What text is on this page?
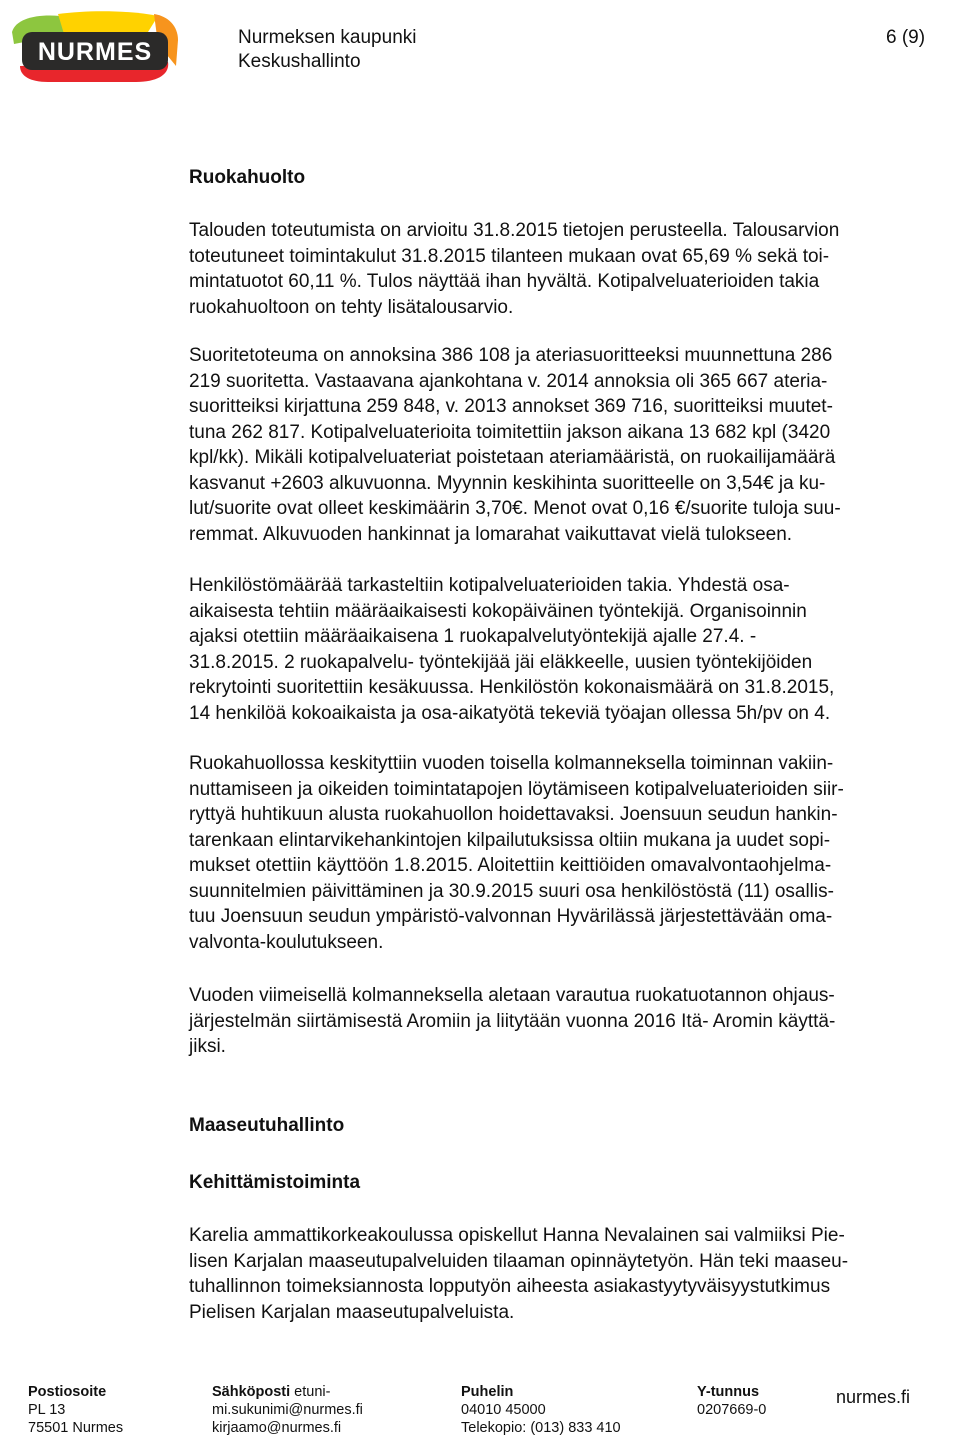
NURMES
Nurmeksen kaupunki
Keskushallinto
6 (9)
Ruokahuolto
Talouden toteutumista on arvioitu 31.8.2015 tietojen perusteella. Talousarvion
toteutuneet toimintakulut 31.8.2015 tilanteen mukaan ovat 65,69 % sekä toi-
mintatuotot 60,11 %. Tulos näyttää ihan hyvältä. Kotipalveluaterioiden takia
ruokahuoltoon on tehty lisätalousarvio.
Suoritetoteuma on annoksina 386 108 ja ateriasuoritteeksi muunnettuna 286
219 suoritetta. Vastaavana ajankohtana v. 2014 annoksia oli 365 667 ateria-
suoritteiksi kirjattuna 259 848, v. 2013 annokset 369 716, suoritteiksi muutet-
tuna 262 817. Kotipalveluaterioita toimitettiin jakson aikana 13 682 kpl (3420
kpl/kk). Mikäli kotipalveluateriat poistetaan ateriamääristä, on ruokailijamäärä
kasvanut +2603 alkuvuonna. Myynnin keskihinta suoritteelle on 3,54€ ja ku-
lut/suorite ovat olleet keskimäärin 3,70€. Menot ovat 0,16 €/suorite tuloja suu-
remmat. Alkuvuoden hankinnat ja lomarahat vaikuttavat vielä tulokseen.
Henkilöstömäärää tarkasteltiin kotipalveluaterioiden takia. Yhdestä osa-
aikaisesta tehtiin määräaikaisesti kokopäiväinen työntekijä. Organisoinnin
ajaksi otettiin määräaikaisena 1 ruokapalvelutyöntekijä ajalle 27.4. -
31.8.2015. 2 ruokapalvelu- työntekijää jäi eläkkeelle, uusien työntekijöiden
rekrytointi suoritettiin kesäkuussa. Henkilöstön kokonaismäärä on 31.8.2015,
14 henkilöä kokoaikaista ja osa-aikatyötä tekeviä työajan ollessa 5h/pv on 4.
Ruokahuollossa keskityttiin vuoden toisella kolmanneksella toiminnan vakiin-
nuttamiseen ja oikeiden toimintatapojen löytämiseen kotipalveluaterioiden siir-
ryttyä huhtikuun alusta ruokahuollon hoidettavaksi. Joensuun seudun hankin-
tarenkaan elintarvikehankintojen kilpailutuksissa oltiin mukana ja uudet sopi-
mukset otettiin käyttöön 1.8.2015. Aloitettiin keittiöiden omavalvontaohjelma-
suunnitelmien päivittäminen ja 30.9.2015 suuri osa henkilöstöstä (11) osallis-
tuu Joensuun seudun ympäristö-valvonnan Hyvärilässä järjestettävään oma-
valvonta-koulutukseen.
Vuoden viimeisellä kolmanneksella aletaan varautua ruokatuotannon ohjaus-
järjestelmän siirtämisestä Aromiin ja liitytään vuonna 2016 Itä- Aromin käyttä-
jiksi.
Maaseutuhallinto
Kehittämistoiminta
Karelia ammattikorkeakoulussa opiskellut Hanna Nevalainen sai valmiiksi Pie-
lisen Karjalan maaseutupalveluiden tilaaman opinnäytetyön. Hän teki maaseu-
tuhallinnon toimeksiannosta lopputyön aiheesta asiakastyytyväisyystutkimus
Pielisen Karjalan maaseutupalveluista.
Postiosoite
PL 13
75501 Nurmes
Sähköposti etuni-
mi.sukunimi@nurmes.fi
kirjaamo@nurmes.fi
Puhelin
04010 45000
Telekopio: (013) 833 410
Y-tunnus
0207669-0
nurmes.fi
